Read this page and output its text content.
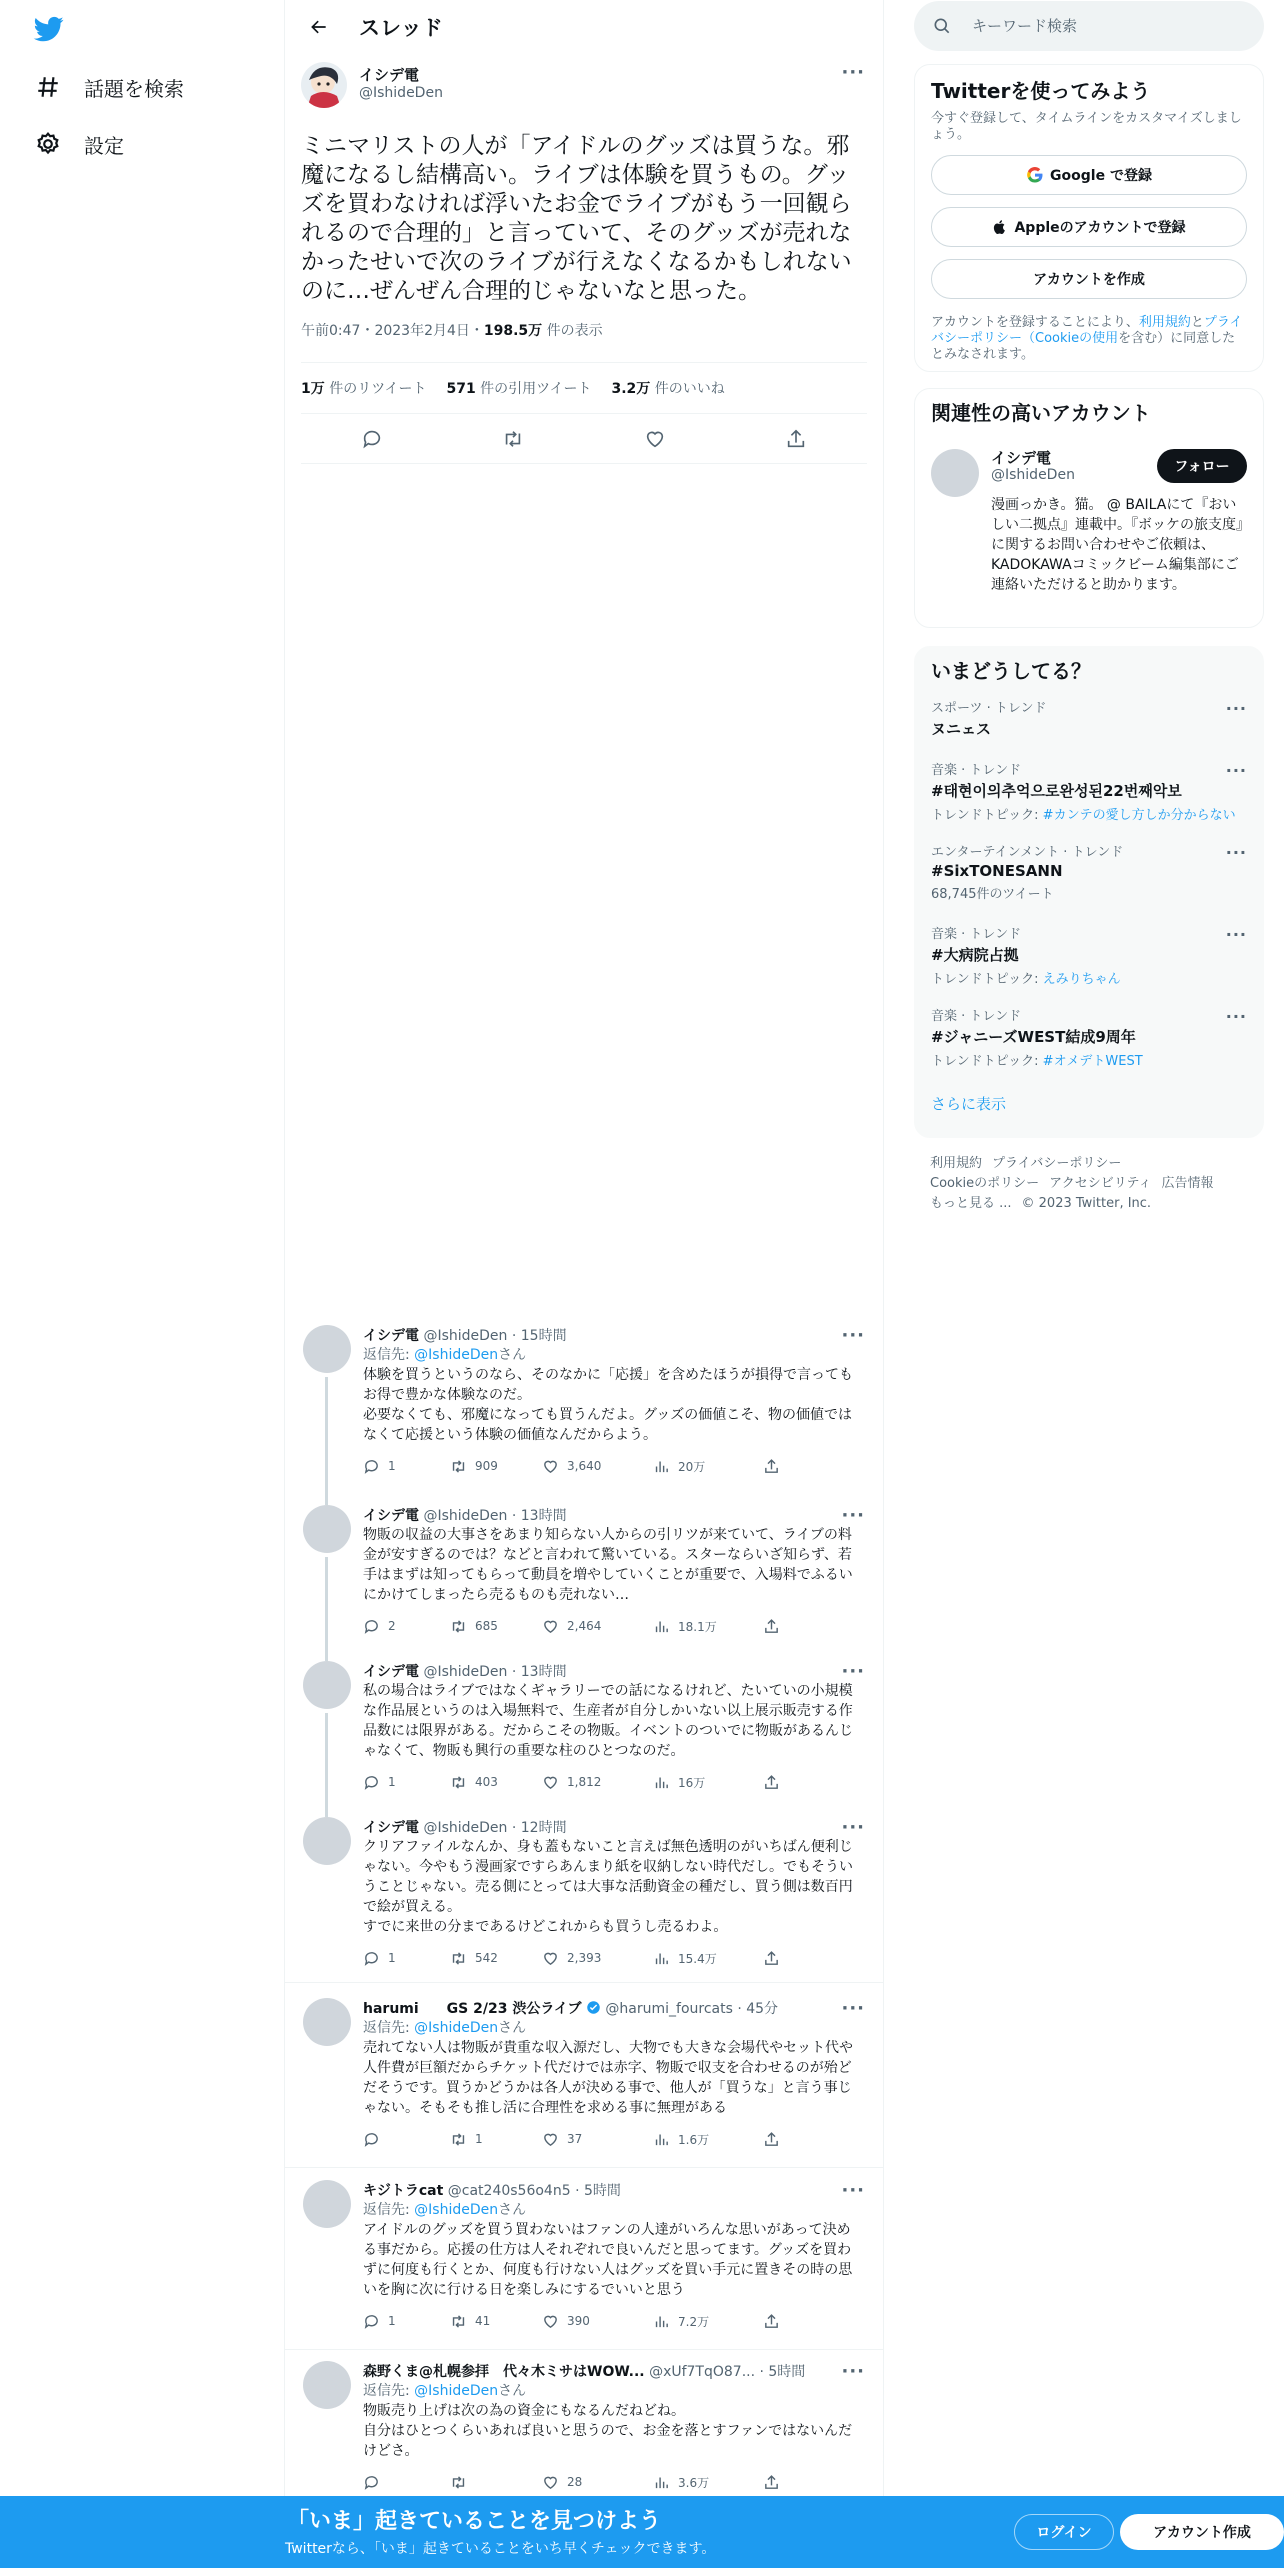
話題を検索
設定
スレッド
イシデ電
@IshideDen
···
ミニマリストの人が「アイドルのグッズは買うな。邪魔になるし結構高い。ライブは体験を買うもの。グッズを買わなければ浮いたお金でライブがもう一回観られるので合理的」と言っていて、そのグッズが売れなかったせいで次のライブが行えなくなるかもしれないのに…ぜんぜん合理的じゃないなと思った。
午前0:47・2023年2月4日・198.5万 件の表示
1万 件のリツイート 571 件の引用ツイート 3.2万 件のいいね
イシデ電 @IshideDen · 15時間	···
返信先: @IshideDenさん
体験を買うというのなら、そのなかに「応援」を含めたほうが損得で言ってもお得で豊かな体験なのだ。
必要なくても、邪魔になっても買うんだよ。グッズの価値こそ、物の価値ではなくて応援という体験の価値なんだからよう。
1	909	3,640	20万
イシデ電 @IshideDen · 13時間	···
物販の収益の大事さをあまり知らない人からの引リツが来ていて、ライブの料金が安すぎるのでは？などと言われて驚いている。スターならいざ知らず、若手はまずは知ってもらって動員を増やしていくことが重要で、入場料でふるいにかけてしまったら売るものも売れない…
2	685	2,464	18.1万
イシデ電 @IshideDen · 13時間	···
私の場合はライブではなくギャラリーでの話になるけれど、たいていの小規模な作品展というのは入場無料で、生産者が自分しかいない以上展示販売する作品数には限界がある。だからこその物販。イベントのついでに物販があるんじゃなくて、物販も興行の重要な柱のひとつなのだ。
1	403	1,812	16万
イシデ電 @IshideDen · 12時間	···
クリアファイルなんか、身も蓋もないこと言えば無色透明のがいちばん便利じゃない。今やもう漫画家ですらあんまり紙を収納しない時代だし。でもそういうことじゃない。売る側にとっては大事な活動資金の種だし、買う側は数百円で絵が買える。
すでに来世の分まであるけどこれからも買うし売るわよ。
1	542	2,393	15.4万
harumi　　GS 2/23 渋公ライブ @harumi_fourcats · 45分	···
返信先: @IshideDenさん
売れてない人は物販が貴重な収入源だし、大物でも大きな会場代やセット代や人件費が巨額だからチケット代だけでは赤字、物販で収支を合わせるのが殆どだそうです。買うかどうかは各人が決める事で、他人が「買うな」と言う事じゃない。そもそも推し活に合理性を求める事に無理がある
1	37	1.6万
キジトラcat @cat240s56o4n5 · 5時間	···
返信先: @IshideDenさん
アイドルのグッズを買う買わないはファンの人達がいろんな思いがあって決める事だから。応援の仕方は人それぞれで良いんだと思ってます。グッズを買わずに何度も行くとか、何度も行けない人はグッズを買い手元に置きその時の思いを胸に次に行ける日を楽しみにするでいいと思う
1	41	390	7.2万
森野くま@札幌参拝　代々木ミサはWOW... @xUf7TqO87... · 5時間	···
返信先: @IshideDenさん
物販売り上げは次の為の資金にもなるんだねどね。
自分はひとつくらいあれば良いと思うので、お金を落とすファンではないんだけどさ。
28	3.6万
キーワード検索
Twitterを使ってみよう
今すぐ登録して、タイムラインをカスタマイズしましょう。
Google で登録
Appleのアカウントで登録
アカウントを作成
アカウントを登録することにより、利用規約とプライバシーポリシー（Cookieの使用を含む）に同意したとみなされます。
関連性の高いアカウント
イシデ電
@IshideDen	フォロー
漫画っかき。猫。 @ BAILAにて『おいしい二拠点』連載中。『ボッケの旅支度』に関するお問い合わせやご依頼は、KADOKAWAコミックビーム編集部にご連絡いただけると助かります。
いまどうしてる？
スポーツ · トレンド
ヌニェス
···
音楽 · トレンド
#태현이의추억으로완성된22번째악보
トレンドトピック: #カンテの愛し方しか分からない
···
エンターテインメント · トレンド
#SixTONESANN
68,745件のツイート
···
音楽 · トレンド
#大病院占拠
トレンドトピック: えみりちゃん
···
音楽 · トレンド
#ジャニーズWEST結成9周年
トレンドトピック: #オメデトWEST
···
さらに表示
利用規約 プライバシーポリシー
Cookieのポリシー アクセシビリティ 広告情報
もっと見る ... © 2023 Twitter, Inc.
「いま」起きていることを見つけよう
Twitterなら、「いま」起きていることをいち早くチェックできます。
ログイン	アカウント作成
